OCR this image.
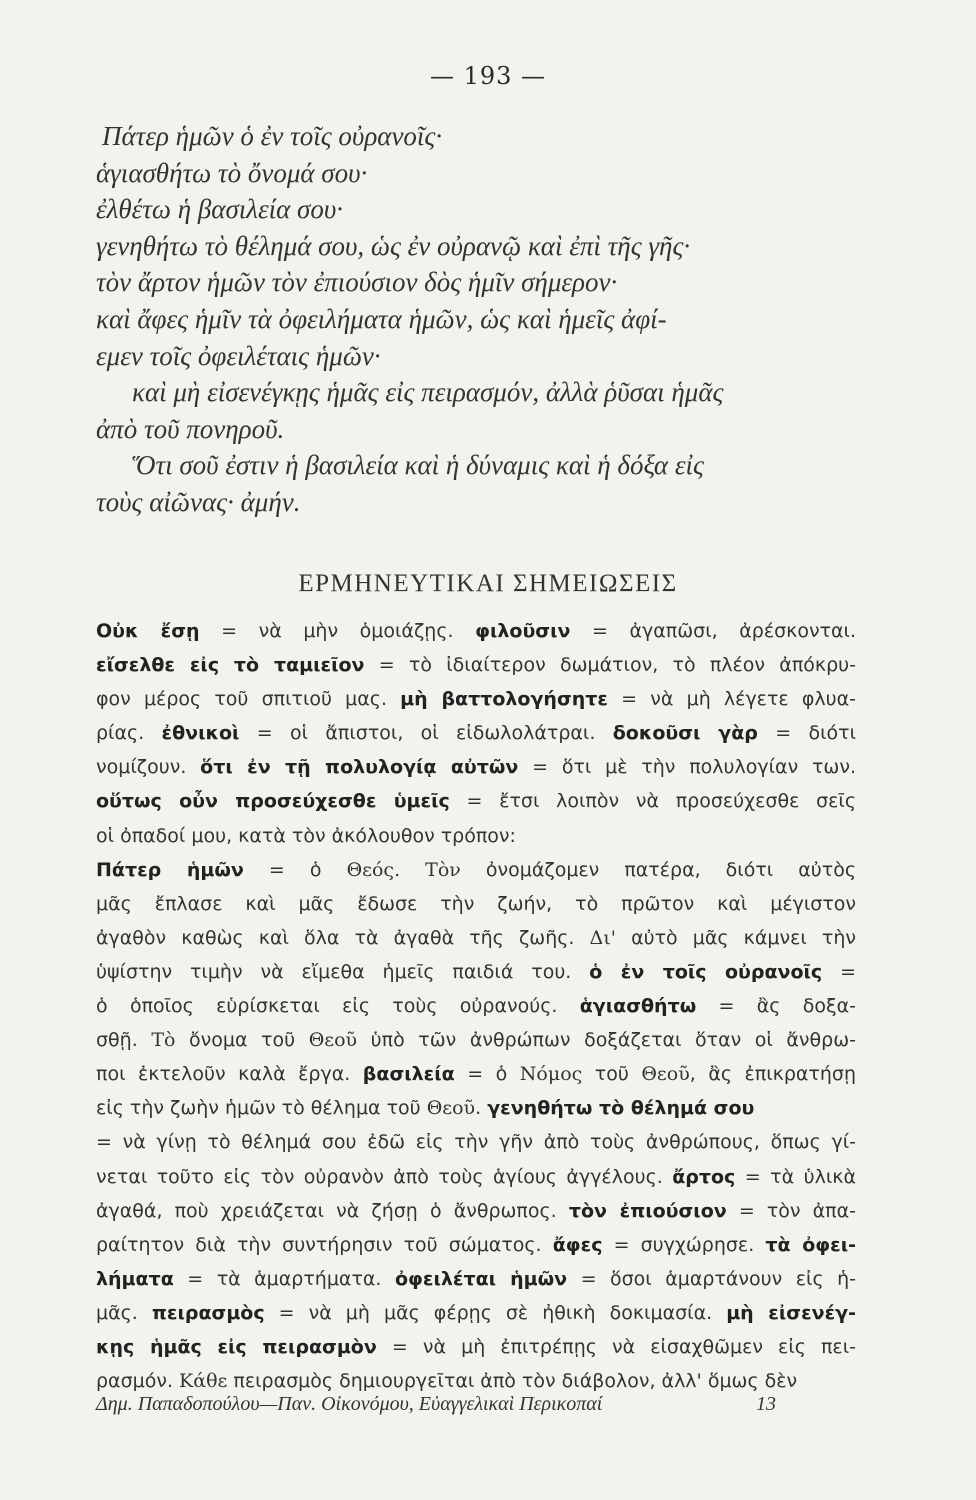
— 193 —
Πάτερ ἡμῶν ὁ ἐν τοῖς οὐρανοῖς·
ἁγιασθήτω τὸ ὄνομά σου·
ἐλθέτω ἡ βασιλεία σου·
γενηθήτω τὸ θέλημά σου, ὡς ἐν οὐρανῷ καὶ ἐπὶ τῆς γῆς·
τὸν ἄρτον ἡμῶν τὸν ἐπιούσιον δὸς ἡμῖν σήμερον·
καὶ ἄφες ἡμῖν τὰ ὀφειλήματα ἡμῶν, ὡς καὶ ἡμεῖς ἀφί-
εμεν τοῖς ὀφειλέταις ἡμῶν·
καὶ μὴ εἰσενέγκῃς ἡμᾶς εἰς πειρασμόν, ἀλλὰ ῥῦσαι ἡμᾶς
ἀπὸ τοῦ πονηροῦ.
Ὅτι σοῦ ἐστιν ἡ βασιλεία καὶ ἡ δύναμις καὶ ἡ δόξα εἰς
τοὺς αἰῶνας· ἀμήν.
ΕΡΜΗΝΕΥΤΙΚΑΙ ΣΗΜΕΙΩΣΕΙΣ
Οὐκ ἔσῃ = νὰ μὴν ὁμοιάζῃς. φιλοῦσιν = ἀγαπῶσι, ἀρέσκονται.
εἴσελθε εἰς τὸ ταμιεῖον = τὸ ἰδιαίτερον δωμάτιον, τὸ πλέον ἀπόκρυ-
φον μέρος τοῦ σπιτιοῦ μας. μὴ βαττολογήσητε = νὰ μὴ λέγετε φλυα-
ρίας. ἐθνικοὶ = οἱ ἄπιστοι, οἱ εἰδωλολάτραι. δοκοῦσι γὰρ = διότι
νομίζουν. ὅτι ἐν τῇ πολυλογίᾳ αὐτῶν = ὅτι μὲ τὴν πολυλογίαν των.
οὕτως οὖν προσεύχεσθε ὑμεῖς = ἔτσι λοιπὸν νὰ προσεύχεσθε σεῖς
οἱ ὀπαδοί μου, κατὰ τὸν ἀκόλουθον τρόπον:
Πάτερ ἡμῶν = ὁ Θεός. Τὸν ὀνομάζομεν πατέρα, διότι αὐτὸς
μᾶς ἔπλασε καὶ μᾶς ἔδωσε τὴν ζωήν, τὸ πρῶτον καὶ μέγιστον
ἀγαθὸν καθὼς καὶ ὅλα τὰ ἀγαθὰ τῆς ζωῆς. Δι' αὐτὸ μᾶς κάμνει τὴν
ὑψίστην τιμὴν νὰ εἴμεθα ἡμεῖς παιδιά του. ὁ ἐν τοῖς οὐρανοῖς =
ὁ ὁποῖος εὑρίσκεται εἰς τοὺς οὐρανούς. ἁγιασθήτω = ἂς δοξα-
σθῇ. Τὸ ὄνομα τοῦ Θεοῦ ὑπὸ τῶν ἀνθρώπων δοξάζεται ὅταν οἱ ἄνθρω-
ποι ἐκτελοῦν καλὰ ἔργα. βασιλεία = ὁ Νόμος τοῦ Θεοῦ, ἂς ἐπικρατήσῃ
εἰς τὴν ζωὴν ἡμῶν τὸ θέλημα τοῦ Θεοῦ. γενηθήτω τὸ θέλημά σου
= νὰ γίνῃ τὸ θέλημά σου ἐδῶ εἰς τὴν γῆν ἀπὸ τοὺς ἀνθρώπους, ὅπως γί-
νεται τοῦτο εἰς τὸν οὐρανὸν ἀπὸ τοὺς ἁγίους ἀγγέλους. ἄρτος = τὰ ὑλικὰ
ἀγαθά, ποὺ χρειάζεται νὰ ζήσῃ ὁ ἄνθρωπος. τὸν ἐπιούσιον = τὸν ἀπα-
ραίτητον διὰ τὴν συντήρησιν τοῦ σώματος. ἄφες = συγχώρησε. τὰ ὀφει-
λήματα = τὰ ἁμαρτήματα. ὀφειλέται ἡμῶν = ὅσοι ἁμαρτάνουν εἰς ἡ-
μᾶς. πειρασμὸς = νὰ μὴ μᾶς φέρῃς σὲ ἠθικὴ δοκιμασία. μὴ εἰσενέγ-
κῃς ἡμᾶς εἰς πειρασμὸν = νὰ μὴ ἐπιτρέπῃς νὰ εἰσαχθῶμεν εἰς πει-
ρασμόν. Κάθε πειρασμὸς δημιουργεῖται ἀπὸ τὸν διάβολον, ἀλλ' ὅμως δὲν
Δημ. Παπαδοπούλου—Παν. Οἰκονόμου, Εὐαγγελικαὶ Περικοπαί	13
